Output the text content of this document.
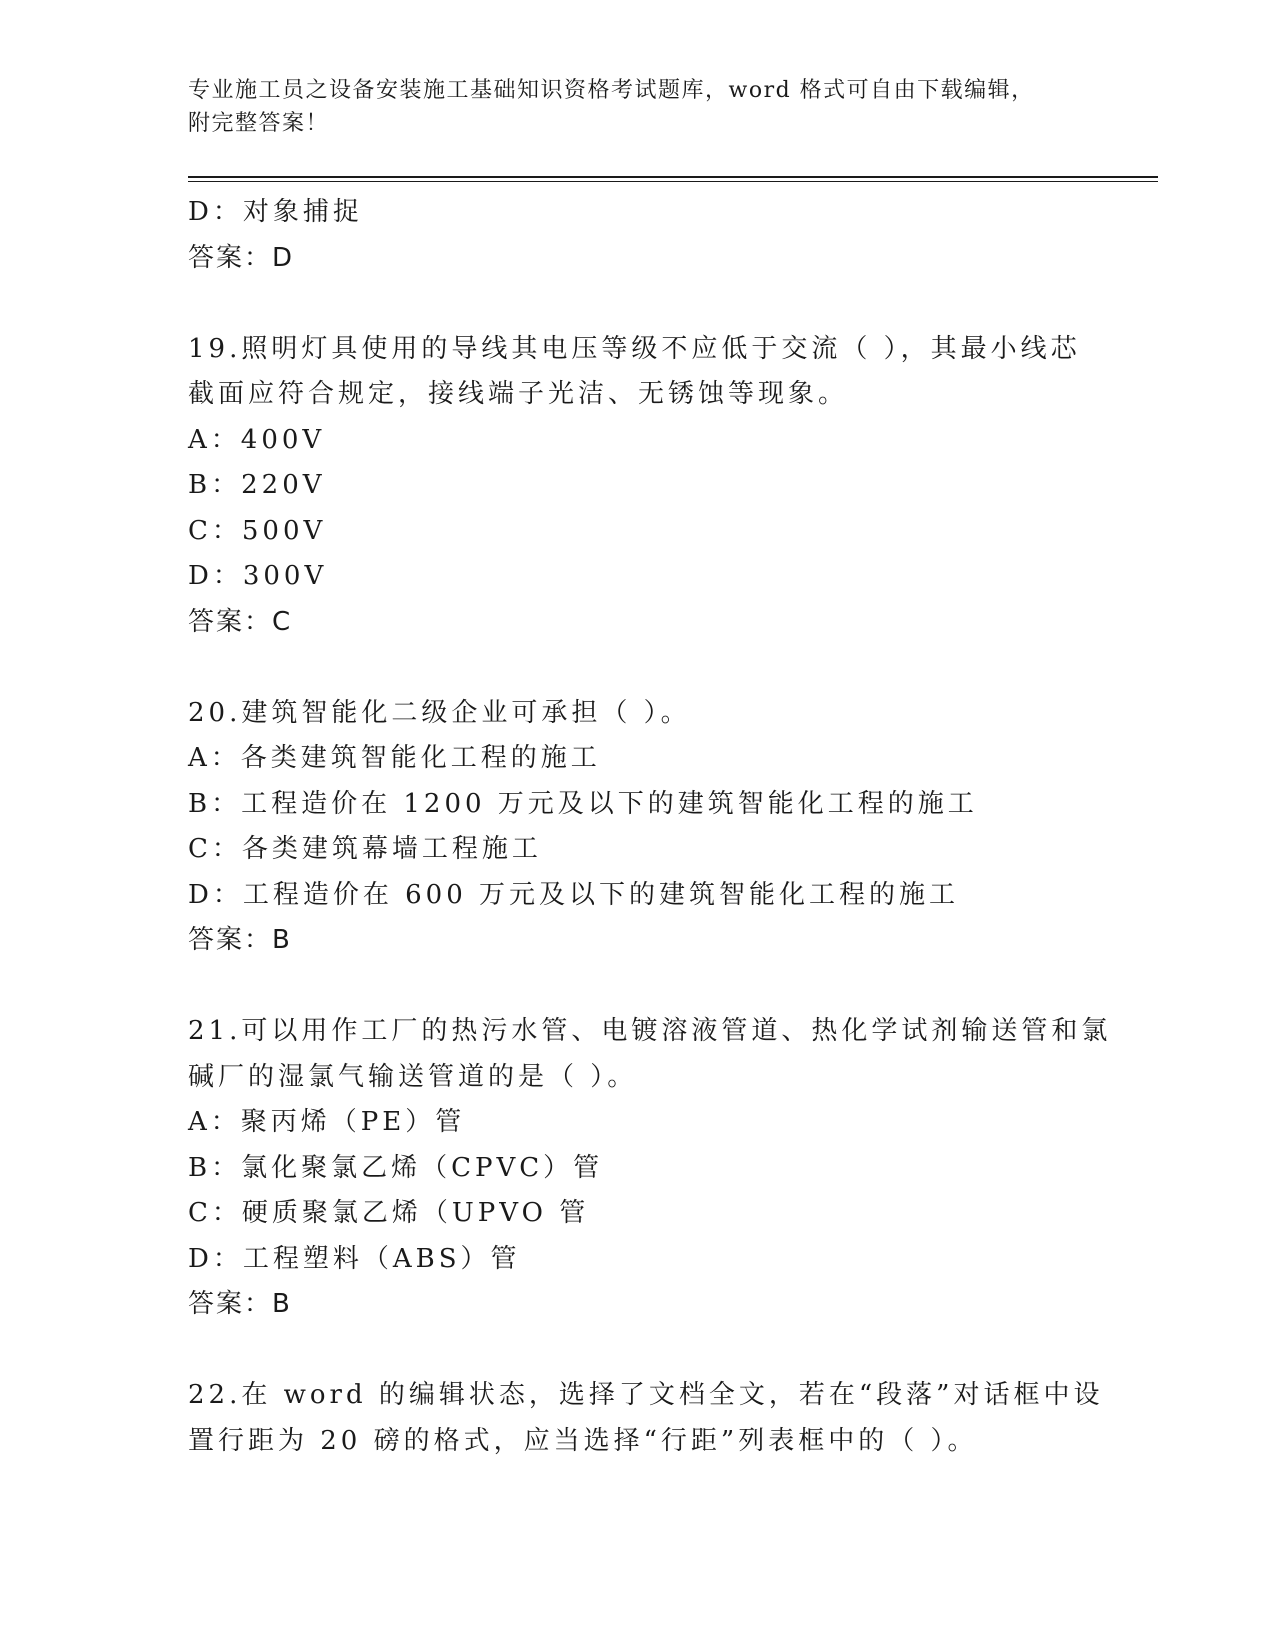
专业施工员之设备安装施工基础知识资格考试题库，word 格式可自由下载编辑，
附完整答案！
D：对象捕捉
答案：D
19.照明灯具使用的导线其电压等级不应低于交流（ ），其最小线芯
截面应符合规定，接线端子光洁、无锈蚀等现象。
A：400V
B：220V
C：500V
D：300V
答案：C
20.建筑智能化二级企业可承担（ ）。
A：各类建筑智能化工程的施工
B：工程造价在 1200 万元及以下的建筑智能化工程的施工
C：各类建筑幕墙工程施工
D：工程造价在 600 万元及以下的建筑智能化工程的施工
答案：B
21.可以用作工厂的热污水管、电镀溶液管道、热化学试剂输送管和氯
碱厂的湿氯气输送管道的是（ ）。
A：聚丙烯（PE）管
B：氯化聚氯乙烯（CPVC）管
C：硬质聚氯乙烯（UPVO 管
D：工程塑料（ABS）管
答案：B
22.在 word 的编辑状态，选择了文档全文，若在“段落”对话框中设
置行距为 20 磅的格式，应当选择“行距”列表框中的（ ）。
